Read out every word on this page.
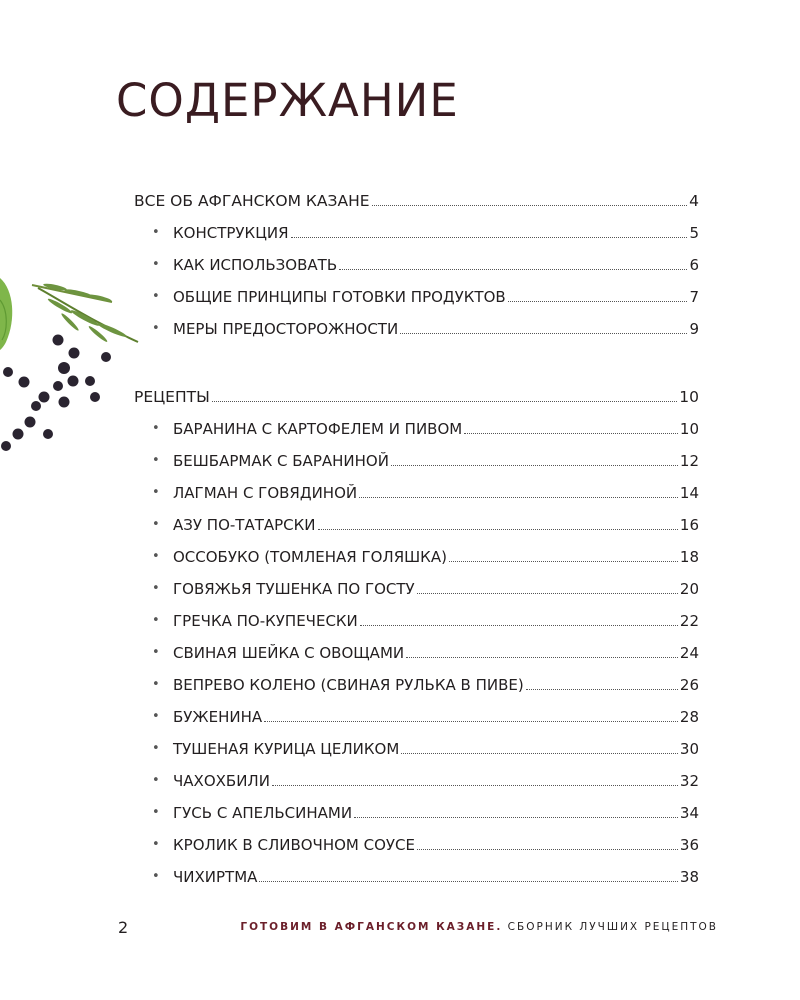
СОДЕРЖАНИЕ
ВСЕ ОБ АФГАНСКОМ КАЗАНЕ	4
• КОНСТРУКЦИЯ	5
• КАК ИСПОЛЬЗОВАТЬ	6
• ОБЩИЕ ПРИНЦИПЫ ГОТОВКИ ПРОДУКТОВ	7
• МЕРЫ ПРЕДОСТОРОЖНОСТИ	9
РЕЦЕПТЫ	10
• БАРАНИНА С КАРТОФЕЛЕМ И ПИВОМ	10
• БЕШБАРМАК С БАРАНИНОЙ	12
• ЛАГМАН С ГОВЯДИНОЙ	14
• АЗУ ПО-ТАТАРСКИ	16
• ОССОБУКО (ТОМЛЕНАЯ ГОЛЯШКА)	18
• ГОВЯЖЬЯ ТУШЕНКА ПО ГОСТУ	20
• ГРЕЧКА ПО-КУПЕЧЕСКИ	22
• СВИНАЯ ШЕЙКА С ОВОЩАМИ	24
• ВЕПРЕВО КОЛЕНО (СВИНАЯ РУЛЬКА В ПИВЕ)	26
• БУЖЕНИНА	28
• ТУШЕНАЯ КУРИЦА ЦЕЛИКОМ	30
• ЧАХОХБИЛИ	32
• ГУСЬ С АПЕЛЬСИНАМИ	34
• КРОЛИК В СЛИВОЧНОМ СОУСЕ	36
• ЧИХИРТМА	38
2	ГОТОВИМ В АФГАНСКОМ КАЗАНЕ. СБОРНИК ЛУЧШИХ РЕЦЕПТОВ
